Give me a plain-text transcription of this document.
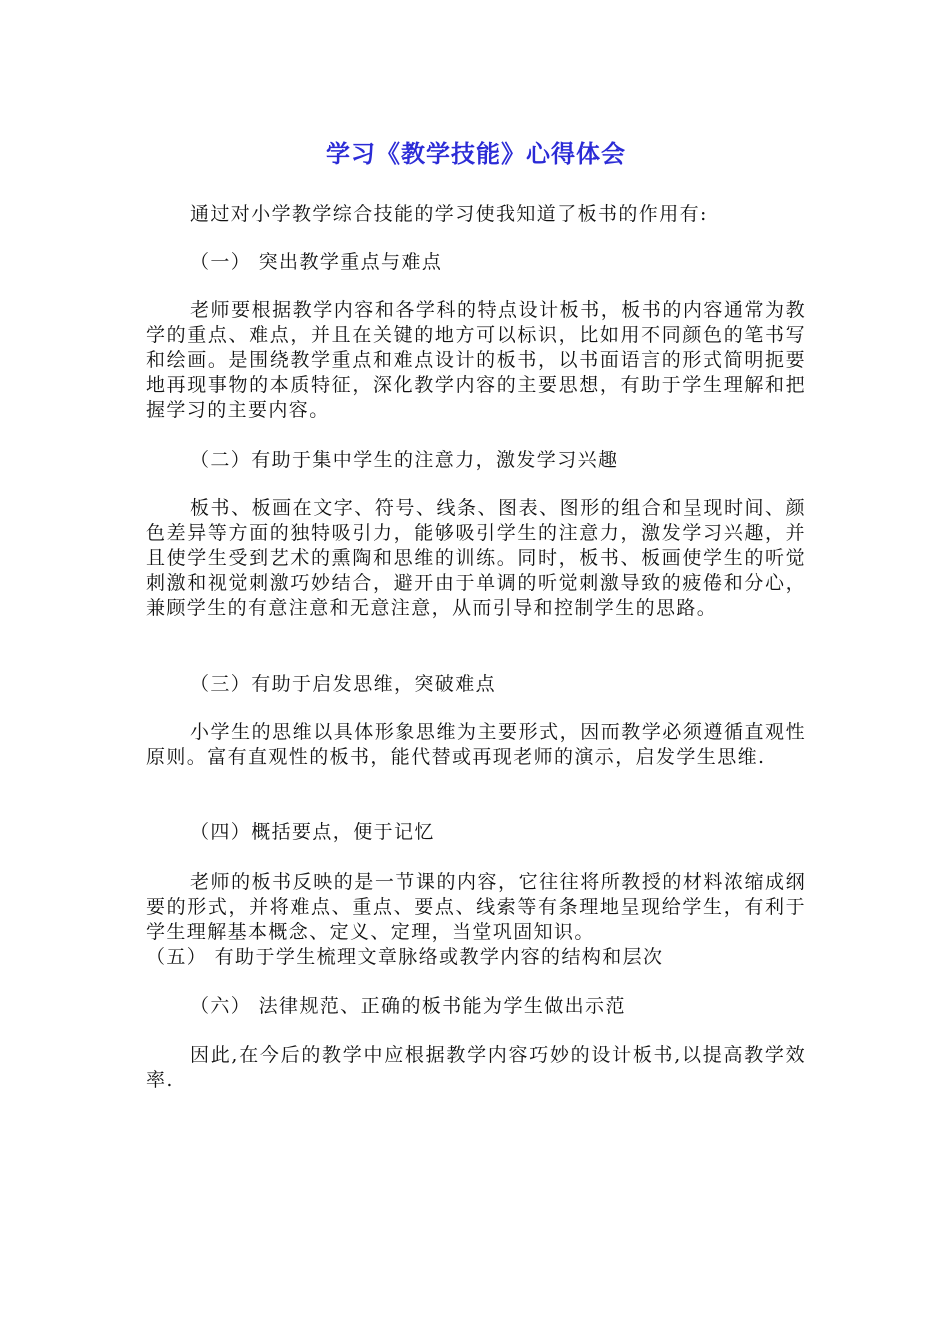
学习《教学技能》心得体会

通过对小学教学综合技能的学习使我知道了板书的作用有:

（一） 突出教学重点与难点

老师要根据教学内容和各学科的特点设计板书，板书的内容通常为教学的重点、难点，并且在关键的地方可以标识，比如用不同颜色的笔书写和绘画。是围绕教学重点和难点设计的板书，以书面语言的形式简明扼要地再现事物的本质特征，深化教学内容的主要思想，有助于学生理解和把握学习的主要内容。

（二）有助于集中学生的注意力，激发学习兴趣

板书、板画在文字、符号、线条、图表、图形的组合和呈现时间、颜色差异等方面的独特吸引力，能够吸引学生的注意力，激发学习兴趣，并且使学生受到艺术的熏陶和思维的训练。同时，板书、板画使学生的听觉刺激和视觉刺激巧妙结合，避开由于单调的听觉刺激导致的疲倦和分心，兼顾学生的有意注意和无意注意，从而引导和控制学生的思路。

（三）有助于启发思维，突破难点

小学生的思维以具体形象思维为主要形式，因而教学必须遵循直观性原则。富有直观性的板书，能代替或再现老师的演示，启发学生思维.

（四）概括要点，便于记忆

老师的板书反映的是一节课的内容，它往往将所教授的材料浓缩成纲要的形式，并将难点、重点、要点、线索等有条理地呈现给学生，有利于学生理解基本概念、定义、定理，当堂巩固知识。

（五） 有助于学生梳理文章脉络或教学内容的结构和层次

（六） 法律规范、正确的板书能为学生做出示范

因此,在今后的教学中应根据教学内容巧妙的设计板书,以提高教学效率.
